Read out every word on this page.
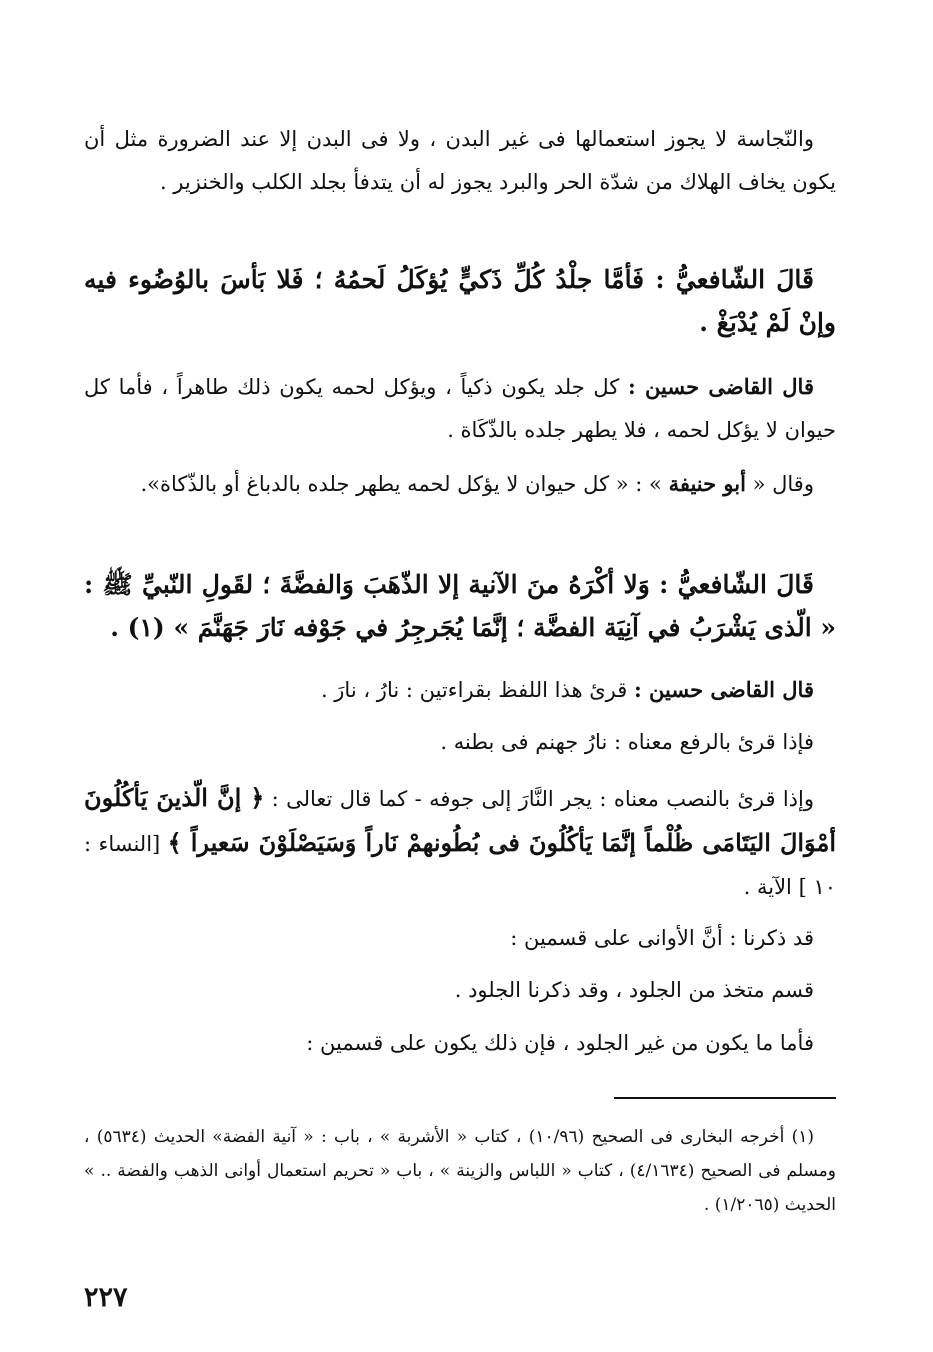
والنّجاسة لا يجوز استعمالها فى غير البدن ، ولا فى البدن إلا عند الضرورة مثل أن يكون يخاف الهلاك من شدّة الحر والبرد يجوز له أن يتدفأ بجلد الكلب والخنزير .

قَالَ الشّافعيُّ : فَأمَّا جلْدُ كُلِّ ذَكيٍّ يُؤكَلُ لَحمُهُ ؛ فَلا بَأسَ بالوُضُوء فيه وإنْ لَمْ يُدْبَغْ .

قال القاضى حسين : كل جلد يكون ذكياً ، ويؤكل لحمه يكون ذلك طاهراً ، فأما كل حيوان لا يؤكل لحمه ، فلا يطهر جلده بالذّكَاة .

وقال « أبو حنيفة » : « كل حيوان لا يؤكل لحمه يطهر جلده بالدباغ أو بالذّكاة».

قَالَ الشّافعيُّ : وَلا أكْرَهُ منَ الآنية إلا الذّهَبَ وَالفضَّةَ ؛ لقَولِ النّبيِّ ﷺ : « الّذى يَشْرَبُ في آنِيَة الفضَّة ؛ إنَّمَا يُجَرجِرُ في جَوْفه نَارَ جَهَنَّمَ » (١) .

قال القاضى حسين : قرئ هذا اللفظ بقراءتين : نارُ ، نارَ .

فإذا قرئ بالرفع معناه : نارُ جهنم فى بطنه .

وإذا قرئ بالنصب معناه : يجر النَّارَ إلى جوفه - كما قال تعالى : ﴿ إنَّ الّذينَ يَأكُلُونَ أمْوَالَ اليَتَامَى ظُلْماً إنَّمَا يَأكُلُونَ فى بُطُونهمْ نَاراً وَسَيَصْلَوْنَ سَعيراً ﴾ [النساء : ١٠ ] الآية .

قد ذكرنا : أنَّ الأوانى على قسمين :

قسم متخذ من الجلود ، وقد ذكرنا الجلود .

فأما ما يكون من غير الجلود ، فإن ذلك يكون على قسمين :

(١) أخرجه البخارى فى الصحيح (١٠/٩٦) ، كتاب « الأشربة » ، باب : « آنية الفضة» الحديث (٥٦٣٤) ، ومسلم فى الصحيح (٤/١٦٣٤) ، كتاب « اللباس والزينة » ، باب « تحريم استعمال أوانى الذهب والفضة .. » الحديث (١/٢٠٦٥) .

٢٢٧
